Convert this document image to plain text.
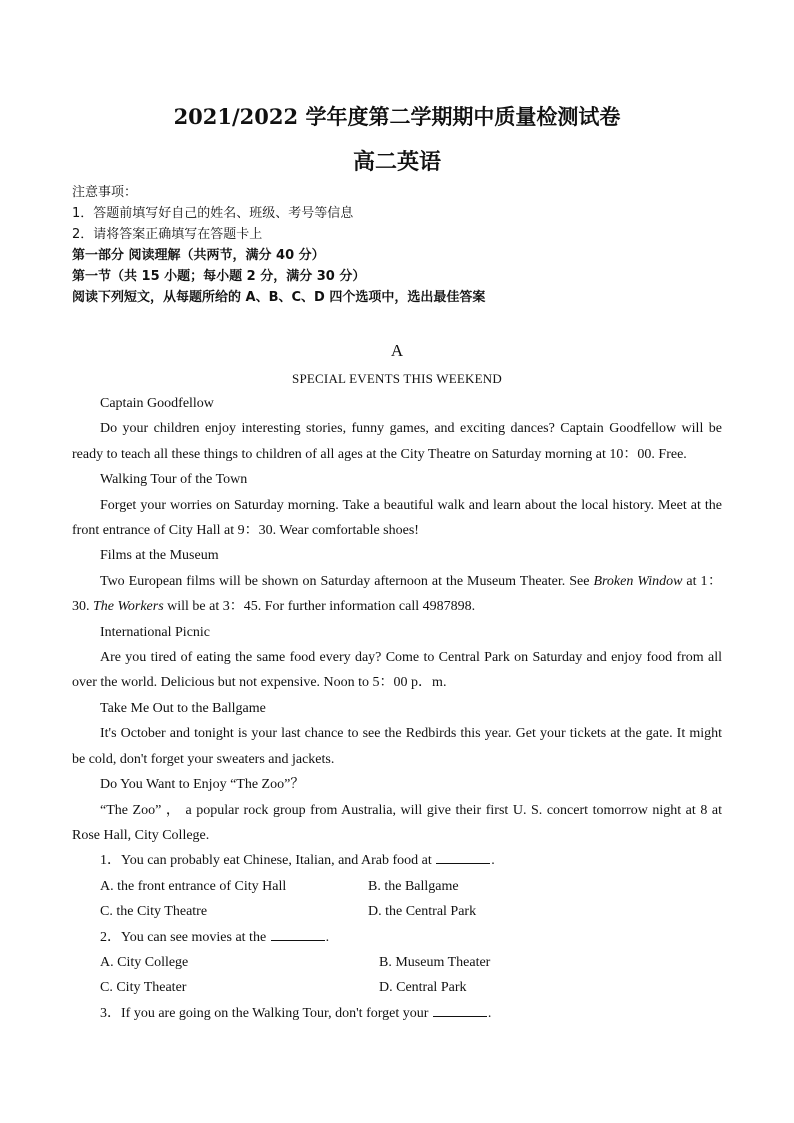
2021/2022 学年度第二学期期中质量检测试卷
高二英语
注意事项：
1．答题前填写好自己的姓名、班级、考号等信息
2．请将答案正确填写在答题卡上
第一部分 阅读理解（共两节，满分 40 分）
第一节（共 15 小题；每小题 2 分，满分 30 分）
阅读下列短文，从每题所给的 A、B、C、D 四个选项中，选出最佳答案
A
SPECIAL EVENTS THIS WEEKEND

Captain Goodfellow

Do your children enjoy interesting stories, funny games, and exciting dances? Captain Goodfellow will be ready to teach all these things to children of all ages at the City Theatre on Saturday morning at 10：00. Free.

Walking Tour of the Town

Forget your worries on Saturday morning. Take a beautiful walk and learn about the local history. Meet at the front entrance of City Hall at 9：30. Wear comfortable shoes!

Films at the Museum

Two European films will be shown on Saturday afternoon at the Museum Theater. See Broken Window at 1：30. The Workers will be at 3：45. For further information call 4987898.

International Picnic

Are you tired of eating the same food every day? Come to Central Park on Saturday and enjoy food from all over the world. Delicious but not expensive. Noon to 5：00 p．m.

Take Me Out to the Ballgame

It's October and tonight is your last chance to see the Redbirds this year. Get your tickets at the gate. It might be cold, don't forget your sweaters and jackets.

Do You Want to Enjoy “The Zoo”？

“The Zoo” ， a popular rock group from Australia, will give their first U. S. concert tomorrow night at 8 at Rose Hall, City College.

1．You can probably eat Chinese, Italian, and Arab food at	.

A. the front entrance of City Hall	B. the Ballgame
C. the City Theatre	D. the Central Park

2．You can see movies at the	.

A. City College	B. Museum Theater
C. City Theater	D. Central Park

3．If you are going on the Walking Tour, don't forget your	.
